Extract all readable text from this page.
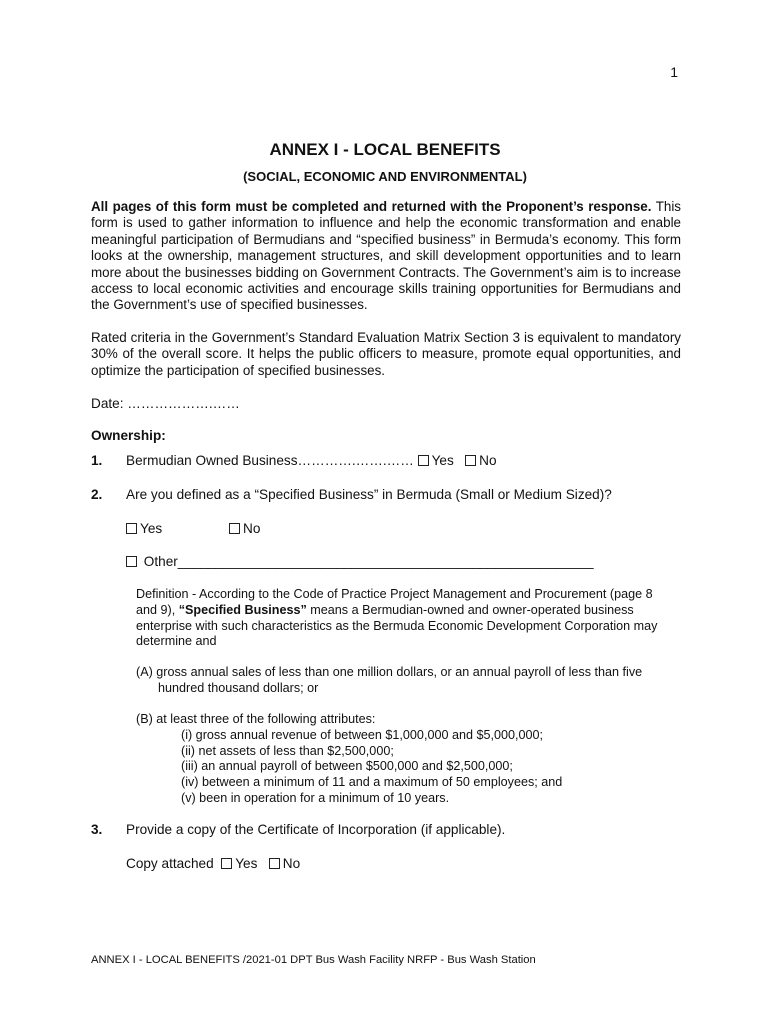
1
ANNEX I - LOCAL BENEFITS
(SOCIAL, ECONOMIC AND ENVIRONMENTAL)
All pages of this form must be completed and returned with the Proponent’s response. This form is used to gather information to influence and help the economic transformation and enable meaningful participation of Bermudians and “specified business” in Bermuda’s economy. This form looks at the ownership, management structures, and skill development opportunities and to learn more about the businesses bidding on Government Contracts. The Government’s aim is to increase access to local economic activities and encourage skills training opportunities for Bermudians and the Government’s use of specified businesses.
Rated criteria in the Government’s Standard Evaluation Matrix Section 3 is equivalent to mandatory 30% of the overall score. It helps the public officers to measure, promote equal opportunities, and optimize the participation of specified businesses.
Date: ……………….……
Ownership:
1. Bermudian Owned Business………….…….…… Yes No
2. Are you defined as a “Specified Business” in Bermuda (Small or Medium Sized)?
Yes	No
Other_______________________________________________________
Definition - According to the Code of Practice Project Management and Procurement (page 8 and 9), “Specified Business” means a Bermudian-owned and owner-operated business enterprise with such characteristics as the Bermuda Economic Development Corporation may determine and
(A) gross annual sales of less than one million dollars, or an annual payroll of less than five
hundred thousand dollars; or
(B) at least three of the following attributes:
(i) gross annual revenue of between $1,000,000 and $5,000,000;
(ii) net assets of less than $2,500,000;
(iii) an annual payroll of between $500,000 and $2,500,000;
(iv) between a minimum of 11 and a maximum of 50 employees; and
(v) been in operation for a minimum of 10 years.
3. Provide a copy of the Certificate of Incorporation (if applicable).
Copy attached Yes No
ANNEX I - LOCAL BENEFITS /2021-01 DPT Bus Wash Facility NRFP - Bus Wash Station
